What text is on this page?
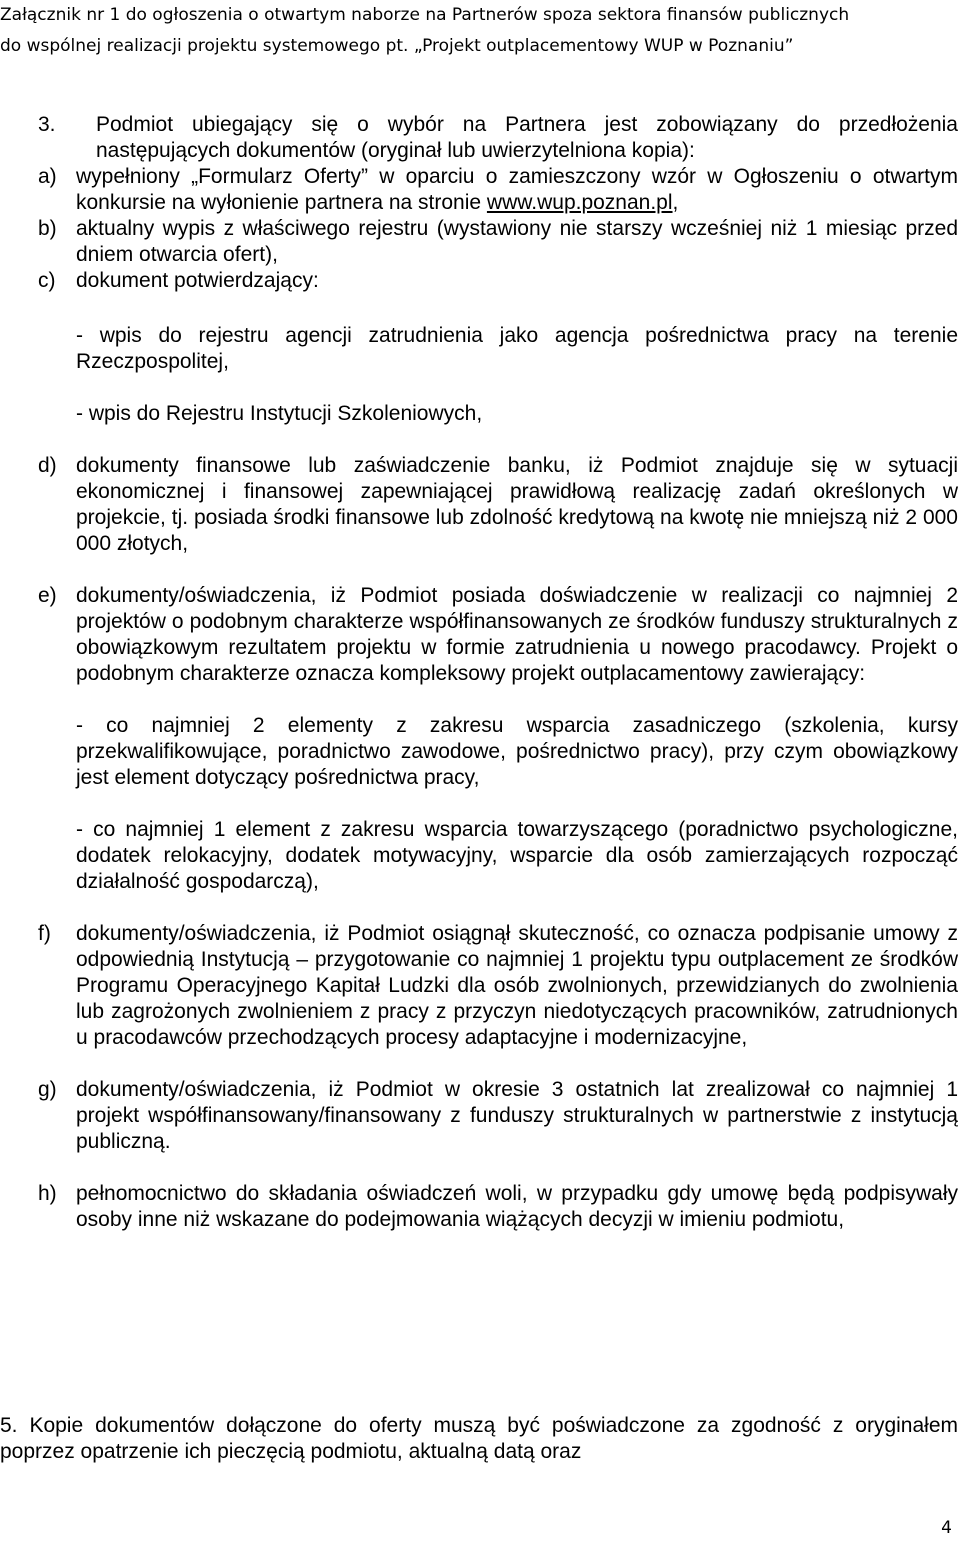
Załącznik nr 1 do ogłoszenia o otwartym naborze na Partnerów spoza sektora finansów publicznych
do wspólnej realizacji projektu systemowego pt. „Projekt outplacementowy WUP w Poznaniu”
3.	Podmiot ubiegający się o wybór na Partnera jest zobowiązany do przedłożenia następujących dokumentów (oryginał lub uwierzytelniona kopia):
a) wypełniony „Formularz Oferty” w oparciu o zamieszczony wzór w Ogłoszeniu o otwartym konkursie na wyłonienie partnera na stronie www.wup.poznan.pl,
b) aktualny wypis z właściwego rejestru (wystawiony nie starszy wcześniej niż 1 miesiąc przed dniem otwarcia ofert),
c) dokument potwierdzający:
- wpis do rejestru agencji zatrudnienia jako agencja pośrednictwa pracy na terenie Rzeczpospolitej,
- wpis do Rejestru Instytucji Szkoleniowych,
d) dokumenty finansowe lub zaświadczenie banku, iż Podmiot znajduje się w sytuacji ekonomicznej i finansowej zapewniającej prawidłową realizację zadań określonych w projekcie, tj. posiada środki finansowe lub zdolność kredytową na kwotę nie mniejszą niż 2 000 000 złotych,
e) dokumenty/oświadczenia, iż Podmiot posiada doświadczenie w realizacji co najmniej 2 projektów o podobnym charakterze współfinansowanych ze środków funduszy strukturalnych z obowiązkowym rezultatem projektu w formie zatrudnienia u nowego pracodawcy. Projekt o podobnym charakterze oznacza kompleksowy projekt outplacamentowy zawierający:
- co najmniej 2 elementy z zakresu wsparcia zasadniczego (szkolenia, kursy przekwalifikowujące, poradnictwo zawodowe, pośrednictwo pracy), przy czym obowiązkowy jest element dotyczący pośrednictwa pracy,
- co najmniej 1 element z zakresu wsparcia towarzyszącego (poradnictwo psychologiczne, dodatek relokacyjny, dodatek motywacyjny, wsparcie dla osób zamierzających rozpocząć działalność gospodarczą),
f)	dokumenty/oświadczenia, iż Podmiot osiągnął skuteczność, co oznacza podpisanie umowy z odpowiednią Instytucją – przygotowanie co najmniej 1 projektu typu outplacement ze środków Programu Operacyjnego Kapitał Ludzki dla osób zwolnionych, przewidzianych do zwolnienia lub zagrożonych zwolnieniem z pracy z przyczyn niedotyczących pracowników, zatrudnionych u pracodawców przechodzących procesy adaptacyjne i modernizacyjne,
g) dokumenty/oświadczenia, iż Podmiot w okresie 3 ostatnich lat zrealizował co najmniej 1 projekt współfinansowany/finansowany z funduszy strukturalnych w partnerstwie z instytucją publiczną.
h) pełnomocnictwo do składania oświadczeń woli, w przypadku gdy umowę będą podpisywały osoby inne niż wskazane do podejmowania wiążących decyzji w imieniu podmiotu,
5. Kopie dokumentów dołączone do oferty muszą być poświadczone za zgodność z oryginałem poprzez opatrzenie ich pieczęcią podmiotu, aktualną datą oraz
4
